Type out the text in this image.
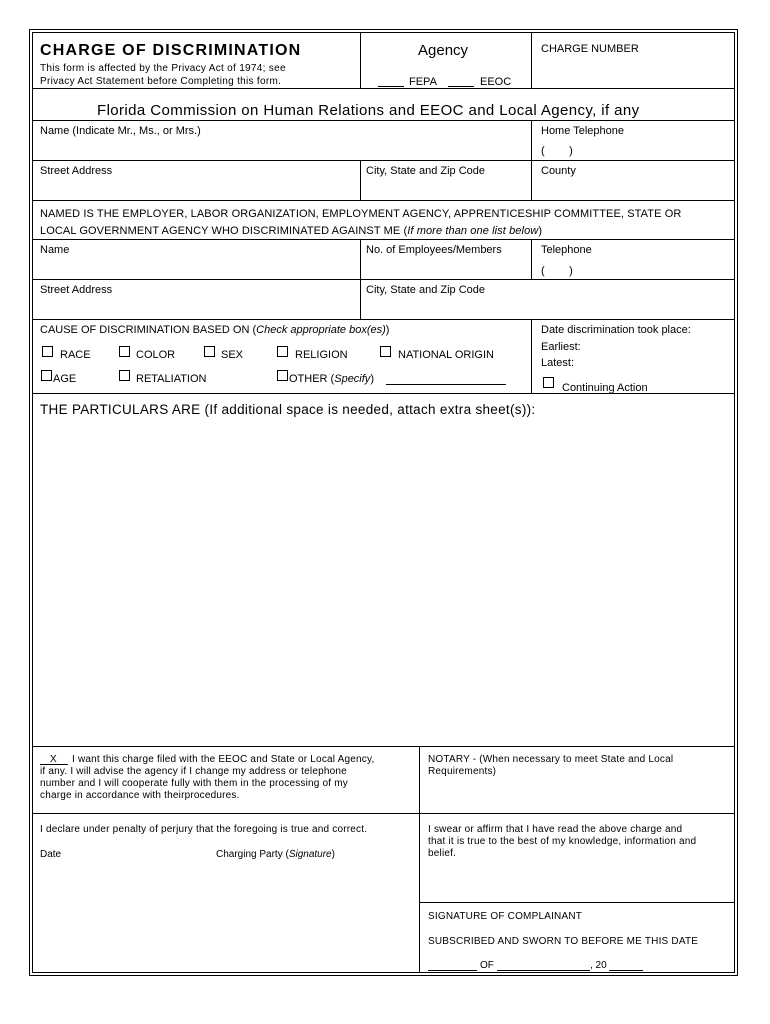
CHARGE OF DISCRIMINATION
This form is affected by the Privacy Act of 1974; see
Privacy Act Statement before Completing this form.
Agency
FEPA	EEOC
CHARGE NUMBER
Florida Commission on Human Relations and EEOC and Local Agency, if any
Name (Indicate Mr., Ms., or Mrs.)	Home Telephone
(        )
Street Address	City, State and Zip Code	County
NAMED IS THE EMPLOYER, LABOR ORGANIZATION, EMPLOYMENT AGENCY, APPRENTICESHIP COMMITTEE, STATE OR
LOCAL GOVERNMENT AGENCY WHO DISCRIMINATED AGAINST ME (If more than one list below)
Name	No. of Employees/Members	Telephone
(        )
Street Address	City, State and Zip Code
CAUSE OF DISCRIMINATION BASED ON (Check appropriate box(es))
RACE	COLOR	SEX	RELIGION	NATIONAL ORIGIN
AGE	RETALIATION	OTHER (Specify)
Date discrimination took place:
Earliest:
Latest:
Continuing Action
THE PARTICULARS ARE (If additional space is needed, attach extra sheet(s)):
X I want this charge filed with the EEOC and State or Local Agency,
if any. I will advise the agency if I change my address or telephone
number and I will cooperate fully with them in the processing of my
charge in accordance with theirprocedures.
NOTARY - (When necessary to meet State and Local
Requirements)
I declare under penalty of perjury that the foregoing is true and correct.
Date	Charging Party (Signature)
I swear or affirm that I have read the above charge and
that it is true to the best of my knowledge, information and
belief.
SIGNATURE OF COMPLAINANT
SUBSCRIBED AND SWORN TO BEFORE ME THIS DATE
OF	, 20
